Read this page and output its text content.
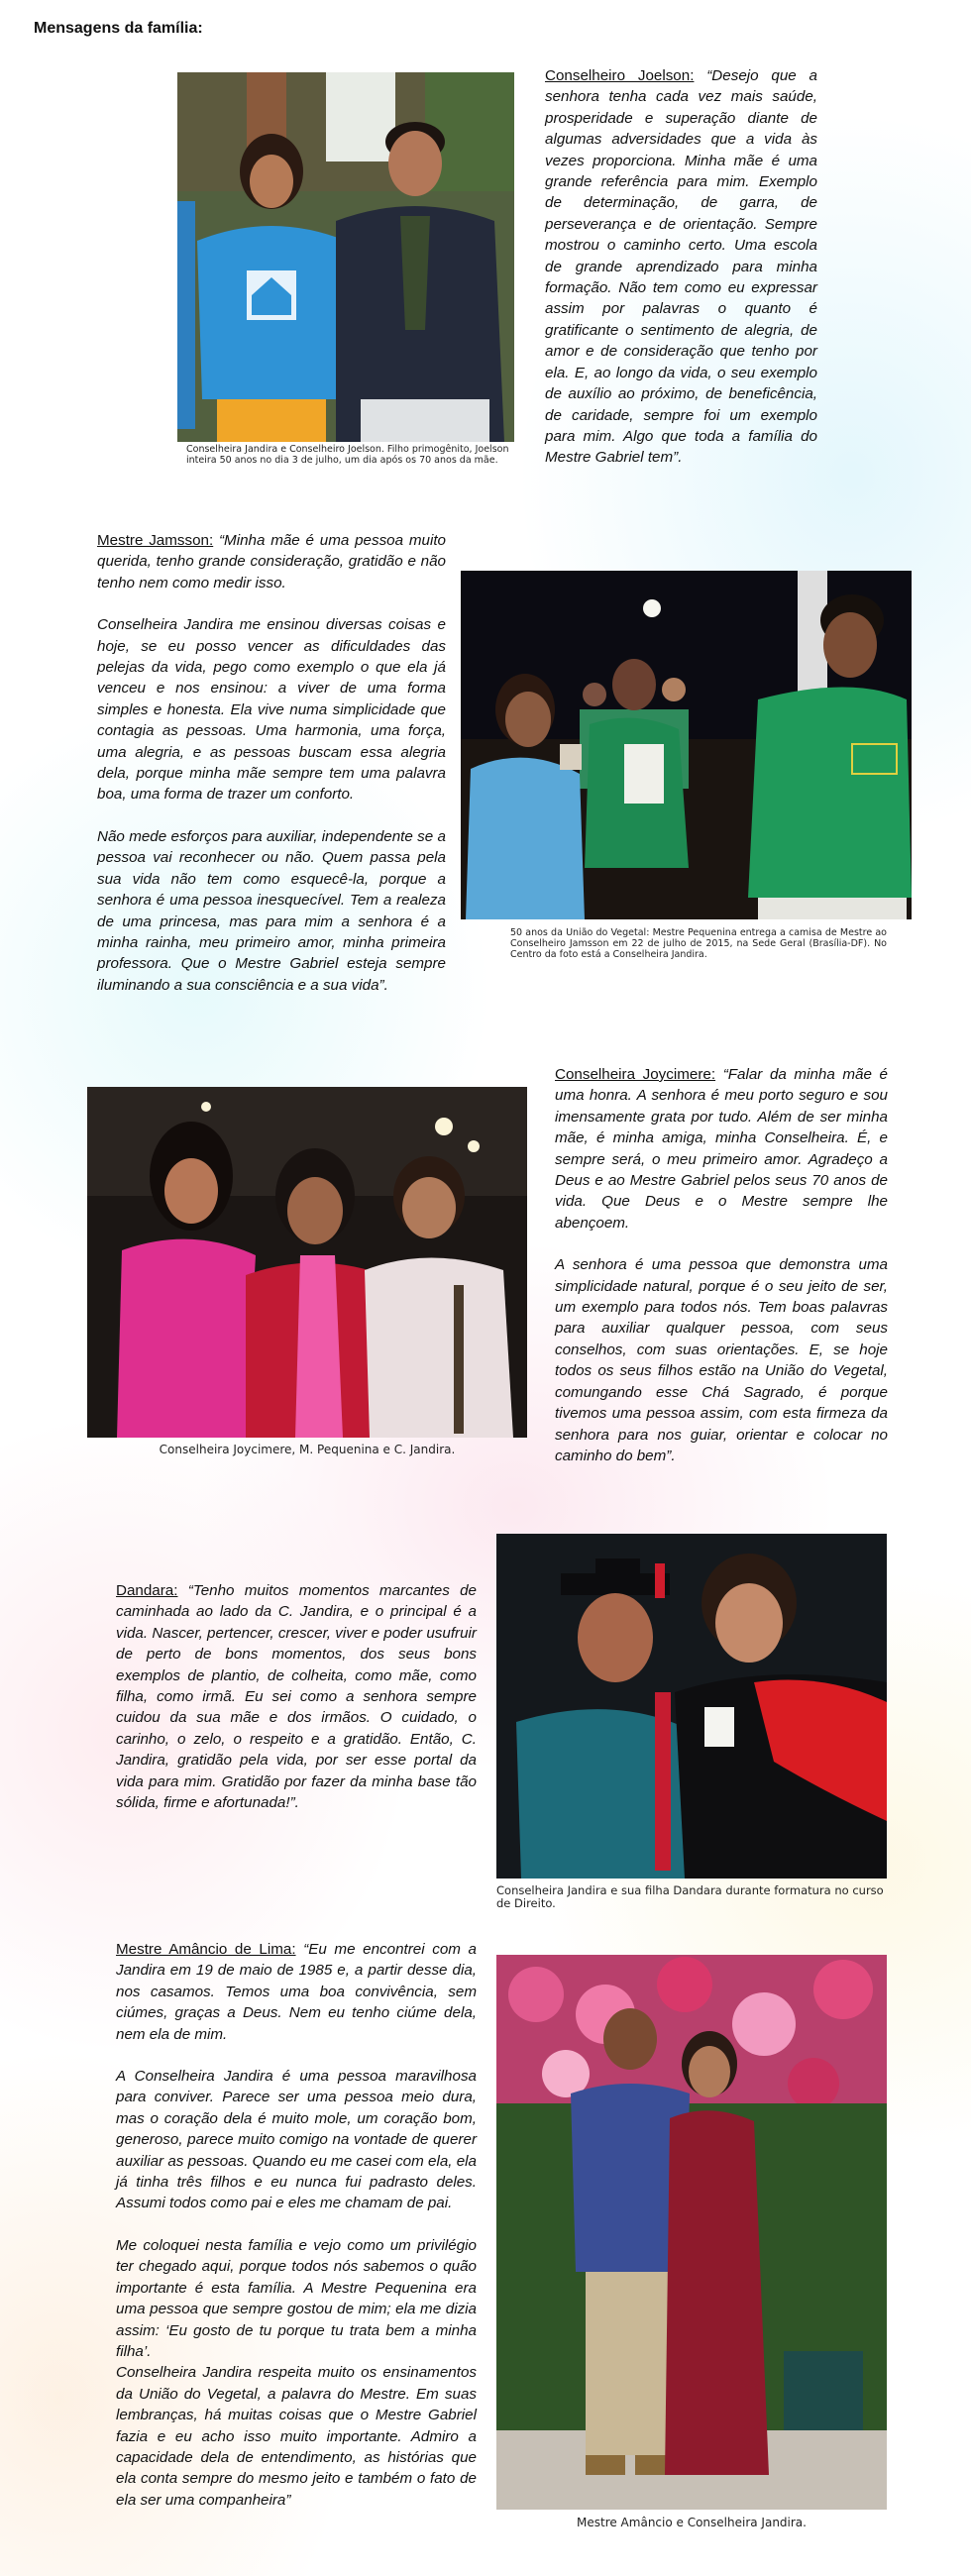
Mensagens da família:
Conselheira Jandira e Conselheiro Joelson. Filho primogênito, Joelson inteira 50 anos no dia 3 de julho, um dia após os 70 anos da mãe.

Conselheiro Joelson: “Desejo que a senhora tenha cada vez mais saúde, prosperidade e superação diante de algumas adversidades que a vida às vezes proporciona. Minha mãe é uma grande referência para mim. Exemplo de determinação, de garra, de perseverança e de orientação. Sempre mostrou o caminho certo. Uma escola de grande aprendizado para minha formação. Não tem como eu expressar assim por palavras o quanto é gratificante o sentimento de alegria, de amor e de consideração que tenho por ela. E, ao longo da vida, o seu exemplo de auxílio ao próximo, de beneficência, de caridade, sempre foi um exemplo para mim. Algo que toda a família do Mestre Gabriel tem”.

Mestre Jamsson: “Minha mãe é uma pessoa muito querida, tenho grande consideração, gratidão e não tenho nem como medir isso.

Conselheira Jandira me ensinou diversas coisas e hoje, se eu posso vencer as dificuldades das pelejas da vida, pego como exemplo o que ela já venceu e nos ensinou: a viver de uma forma simples e honesta. Ela vive numa simplicidade que contagia as pessoas. Uma harmonia, uma força, uma alegria, e as pessoas buscam essa alegria dela, porque minha mãe sempre tem uma palavra boa, uma forma de trazer um conforto.

Não mede esforços para auxiliar, independente se a pessoa vai reconhecer ou não. Quem passa pela sua vida não tem como esquecê-la, porque a senhora é uma pessoa inesquecível. Tem a realeza de uma princesa, mas para mim a senhora é a minha rainha, meu primeiro amor, minha primeira professora. Que o Mestre Gabriel esteja sempre iluminando a sua consciência e a sua vida”.

50 anos da União do Vegetal: Mestre Pequenina entrega a camisa de Mestre ao Conselheiro Jamsson em 22 de julho de 2015, na Sede Geral (Brasília-DF). No Centro da foto está a Conselheira Jandira.
Conselheira Joycimere, M. Pequenina e C. Jandira.

Conselheira Joycimere: “Falar da minha mãe é uma honra. A senhora é meu porto seguro e sou imensamente grata por tudo. Além de ser minha mãe, é minha amiga, minha Conselheira. É, e sempre será, o meu primeiro amor. Agradeço a Deus e ao Mestre Gabriel pelos seus 70 anos de vida. Que Deus e o Mestre sempre lhe abençoem.

A senhora é uma pessoa que demonstra uma simplicidade natural, porque é o seu jeito de ser, um exemplo para todos nós. Tem boas palavras para auxiliar qualquer pessoa, com seus conselhos, com suas orientações. E, se hoje todos os seus filhos estão na União do Vegetal, comungando esse Chá Sagrado, é porque tivemos uma pessoa assim, com esta firmeza da senhora para nos guiar, orientar e colocar no caminho do bem”.

Dandara: “Tenho muitos momentos marcantes de caminhada ao lado da C. Jandira, e o principal é a vida. Nascer, pertencer, crescer, viver e poder usufruir de perto de bons momentos, dos seus bons exemplos de plantio, de colheita, como mãe, como filha, como irmã. Eu sei como a senhora sempre cuidou da sua mãe e dos irmãos. O cuidado, o carinho, o zelo, o respeito e a gratidão. Então, C. Jandira, gratidão pela vida, por ser esse portal da vida para mim. Gratidão por fazer da minha base tão sólida, firme e afortunada!”.

Conselheira Jandira e sua filha Dandara durante formatura no curso de Direito.

Mestre Amâncio de Lima: “Eu me encontrei com a Jandira em 19 de maio de 1985 e, a partir desse dia, nos casamos. Temos uma boa convivência, sem ciúmes, graças a Deus. Nem eu tenho ciúme dela, nem ela de mim.

A Conselheira Jandira é uma pessoa maravilhosa para conviver. Parece ser uma pessoa meio dura, mas o coração dela é muito mole, um coração bom, generoso, parece muito comigo na vontade de querer auxiliar as pessoas. Quando eu me casei com ela, ela já tinha três filhos e eu nunca fui padrasto deles. Assumi todos como pai e eles me chamam de pai.

Me coloquei nesta família e vejo como um privilégio ter chegado aqui, porque todos nós sabemos o quão importante é esta família. A Mestre Pequenina era uma pessoa que sempre gostou de mim; ela me dizia assim: ‘Eu gosto de tu porque tu trata bem a minha filha’.
Conselheira Jandira respeita muito os ensinamentos da União do Vegetal, a palavra do Mestre. Em suas lembranças, há muitas coisas que o Mestre Gabriel fazia e eu acho isso muito importante. Admiro a capacidade dela de entendimento, as histórias que ela conta sempre do mesmo jeito e também o fato de ela ser uma companheira”

Mestre Amâncio e Conselheira Jandira.
